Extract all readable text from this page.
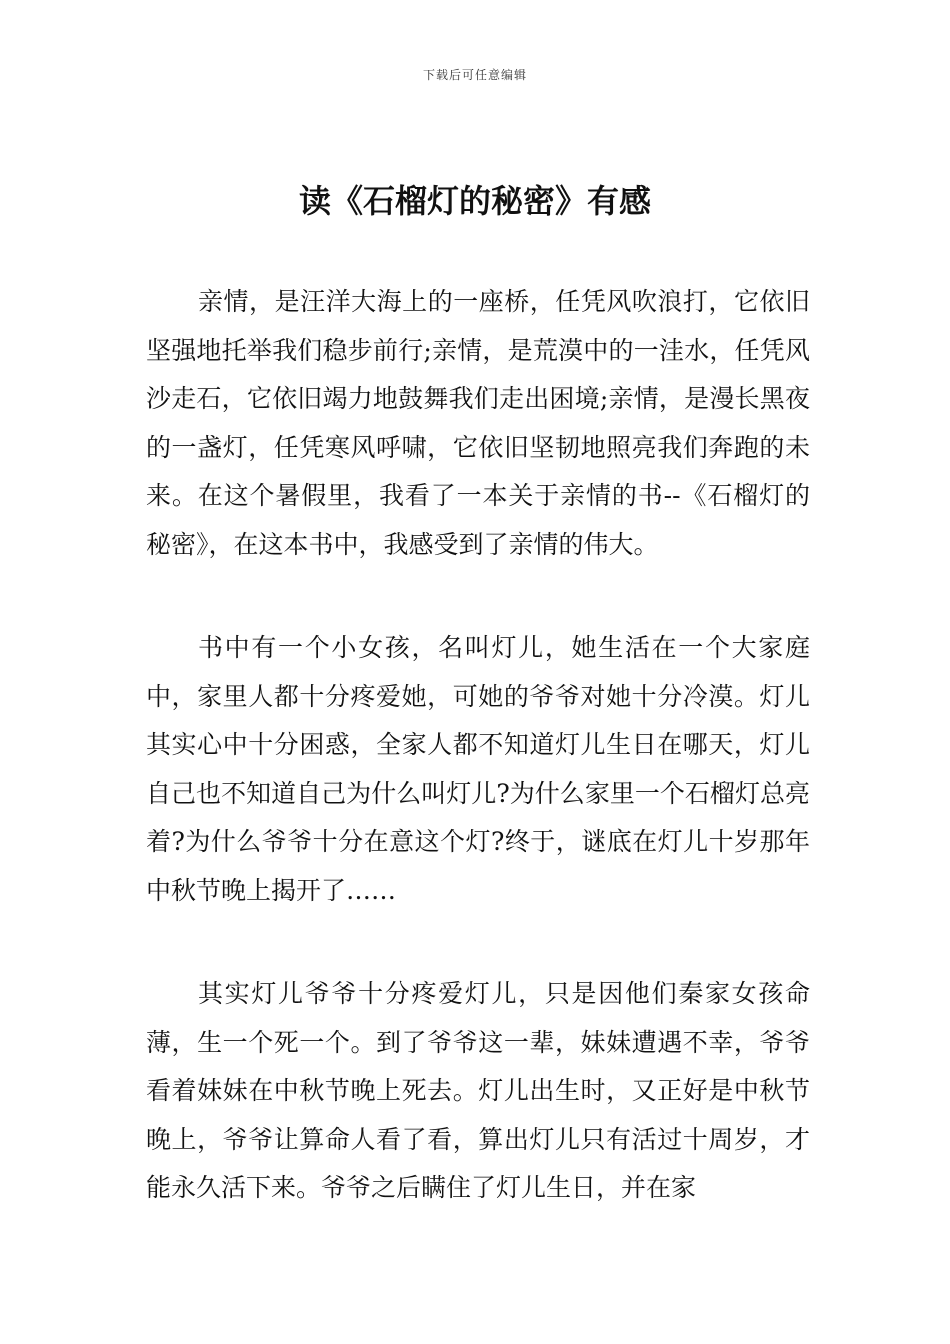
下载后可任意编辑
读《石榴灯的秘密》有感

亲情，是汪洋大海上的一座桥，任凭风吹浪打，它依旧坚强地托举我们稳步前行;亲情，是荒漠中的一洼水，任凭风沙走石，它依旧竭力地鼓舞我们走出困境;亲情，是漫长黑夜的一盏灯，任凭寒风呼啸，它依旧坚韧地照亮我们奔跑的未来。在这个暑假里，我看了一本关于亲情的书--《石榴灯的秘密》，在这本书中，我感受到了亲情的伟大。

书中有一个小女孩，名叫灯儿，她生活在一个大家庭中，家里人都十分疼爱她，可她的爷爷对她十分冷漠。灯儿其实心中十分困惑，全家人都不知道灯儿生日在哪天，灯儿自己也不知道自己为什么叫灯儿?为什么家里一个石榴灯总亮着?为什么爷爷十分在意这个灯?终于，谜底在灯儿十岁那年中秋节晚上揭开了……

其实灯儿爷爷十分疼爱灯儿，只是因他们秦家女孩命薄，生一个死一个。到了爷爷这一辈，妹妹遭遇不幸，爷爷看着妹妹在中秋节晚上死去。灯儿出生时，又正好是中秋节晚上，爷爷让算命人看了看，算出灯儿只有活过十周岁，才能永久活下来。爷爷之后瞒住了灯儿生日，并在家
